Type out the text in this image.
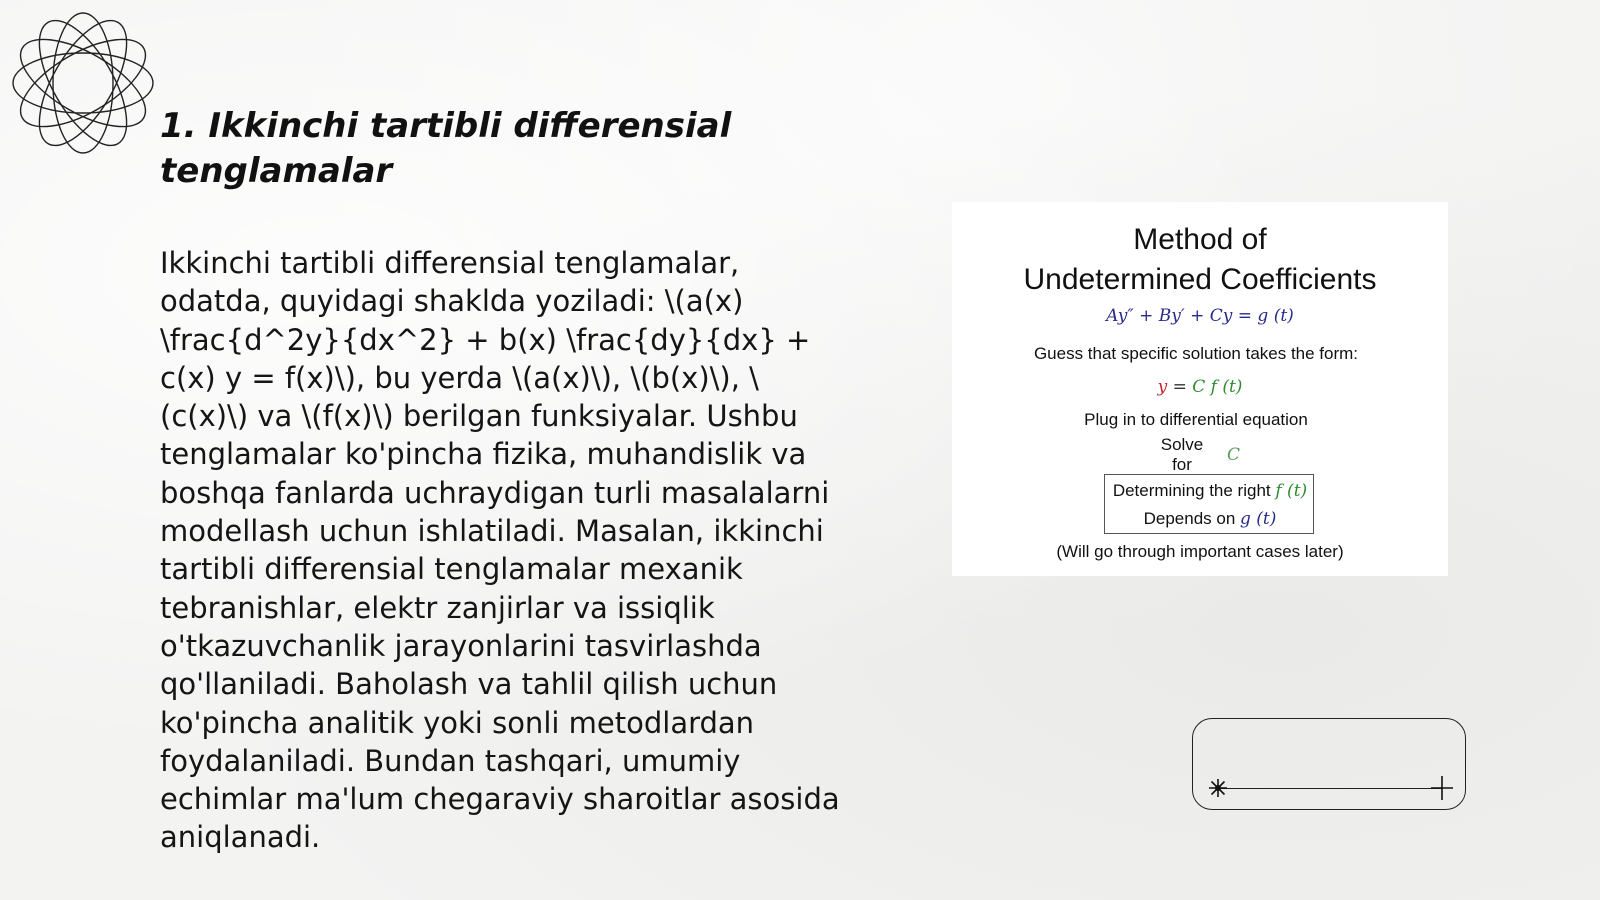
1. Ikkinchi tartibli differensial tenglamalar

Ikkinchi tartibli differensial tenglamalar, odatda, quyidagi shaklda yoziladi: \(a(x) \frac{d^2y}{dx^2} + b(x) \frac{dy}{dx} + c(x) y = f(x)\), bu yerda \(a(x)\), \(b(x)\), \(c(x)\) va \(f(x)\) berilgan funksiyalar. Ushbu tenglamalar ko'pincha fizika, muhandislik va boshqa fanlarda uchraydigan turli masalalarni modellash uchun ishlatiladi. Masalan, ikkinchi tartibli differensial tenglamalar mexanik tebranishlar, elektr zanjirlar va issiqlik o'tkazuvchanlik jarayonlarini tasvirlashda qo'llaniladi. Baholash va tahlil qilish uchun ko'pincha analitik yoki sonli metodlardan foydalaniladi. Bundan tashqari, umumiy echimlar ma'lum chegaraviy sharoitlar asosida aniqlanadi.

Method of
Undetermined Coefficients
Ay″ + By′ + Cy = g (t)
Guess that specific solution takes the form:
y = C f (t)
Plug in to differential equation
Solve
for	C
Determining the right f (t)
Depends on g (t)
(Will go through important cases later)
